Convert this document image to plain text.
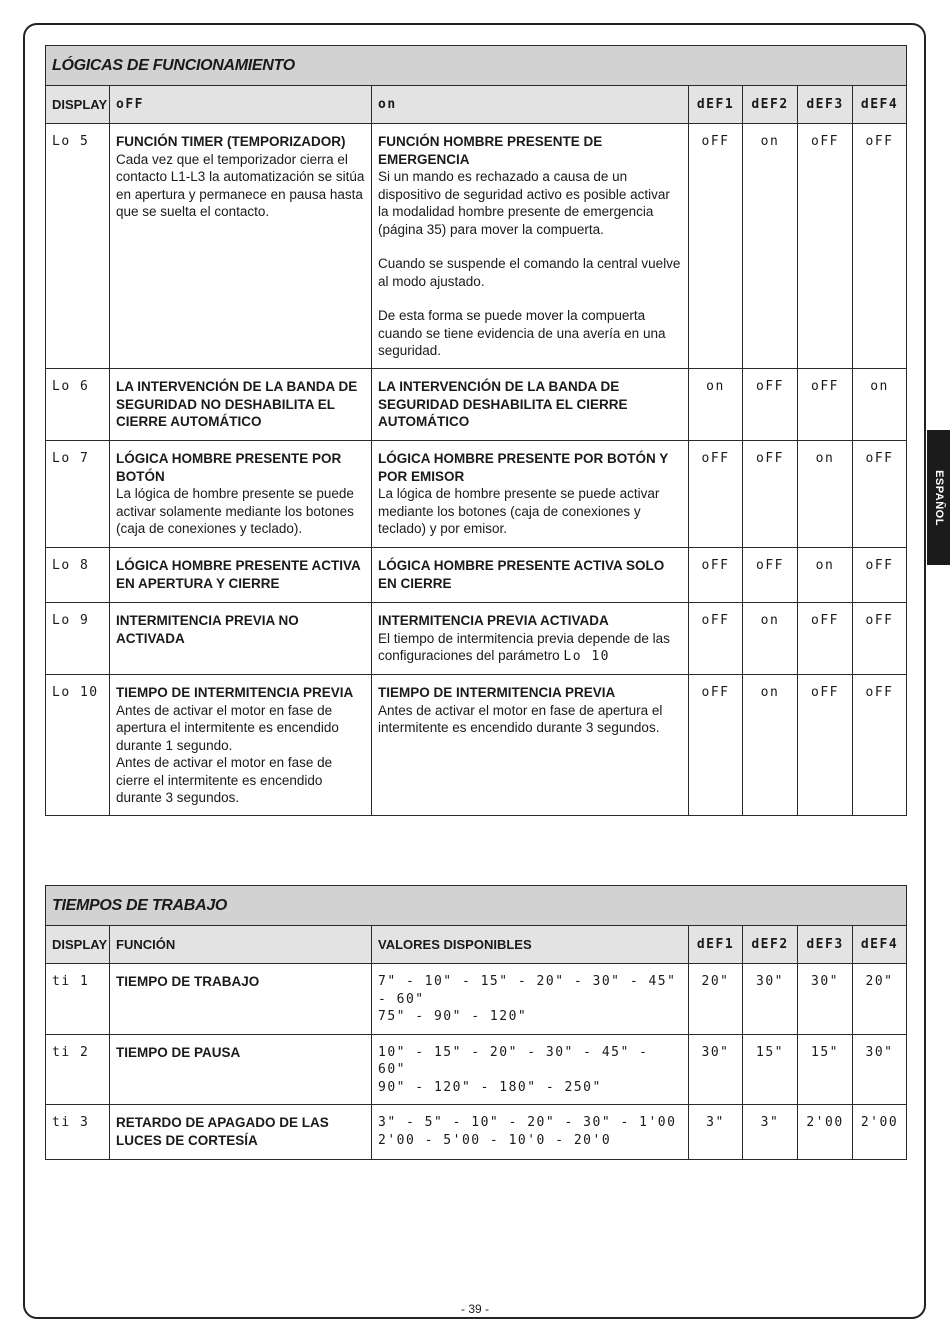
ESPAÑOL
LÓGICAS DE FUNCIONAMIENTO						
DISPLAY	oFF	on	dEF1	dEF2	dEF3	dEF4
Lo 5	FUNCIÓN TIMER (TEMPORIZADOR)
Cada vez que el temporizador cierra el contacto L1-L3 la automatización se sitúa en apertura y permanece en pausa hasta que se suelta el contacto.	FUNCIÓN HOMBRE PRESENTE DE EMERGENCIA
Si un mando es rechazado a causa de un dispositivo de seguridad activo es posible activar la modalidad hombre presente de emergencia (página 35) para mover la compuerta.
Cuando se suspende el comando la central vuelve al modo ajustado.
De esta forma se puede mover la compuerta cuando se tiene evidencia de una avería en una seguridad.	oFF	on	oFF	oFF
Lo 6	LA INTERVENCIÓN DE LA BANDA DE SEGURIDAD NO DESHABILITA EL CIERRE AUTOMÁTICO	LA INTERVENCIÓN DE LA BANDA DE SEGURIDAD DESHABILITA EL CIERRE AUTOMÁTICO	on	oFF	oFF	on
Lo 7	LÓGICA HOMBRE PRESENTE POR BOTÓN
La lógica de hombre presente se puede activar solamente mediante los botones (caja de conexiones y teclado).	LÓGICA HOMBRE PRESENTE POR BOTÓN Y POR EMISOR
La lógica de hombre presente se puede activar mediante los botones (caja de conexiones y teclado) y por emisor.	oFF	oFF	on	oFF
Lo 8	LÓGICA HOMBRE PRESENTE ACTIVA EN APERTURA Y CIERRE	LÓGICA HOMBRE PRESENTE ACTIVA SOLO EN CIERRE	oFF	oFF	on	oFF
Lo 9	INTERMITENCIA PREVIA NO ACTIVADA	INTERMITENCIA PREVIA ACTIVADA
El tiempo de intermitencia previa depende de las configuraciones del parámetro Lo 10	oFF	on	oFF	oFF
Lo 10	TIEMPO DE INTERMITENCIA PREVIA
Antes de activar el motor en fase de apertura el intermitente es encendido durante 1 segundo.
Antes de activar el motor en fase de cierre el intermitente es encendido durante 3 segundos.	TIEMPO DE INTERMITENCIA PREVIA
Antes de activar el motor en fase de apertura el intermitente es encendido durante 3 segundos.	oFF	on	oFF	oFF
TIEMPOS DE TRABAJO						
DISPLAY	FUNCIÓN	VALORES DISPONIBLES	dEF1	dEF2	dEF3	dEF4
ti 1	TIEMPO DE TRABAJO	7" - 10" - 15" - 20" - 30" - 45" - 60"
75" - 90" - 120"	20"	30"	30"	20"
ti 2	TIEMPO DE PAUSA	10" - 15" - 20" - 30" - 45" - 60"
90" - 120" - 180" - 250"	30"	15"	15"	30"
ti 3	RETARDO DE APAGADO DE LAS LUCES DE CORTESÍA	3" - 5" - 10" - 20" - 30" - 1'00
2'00 - 5'00 - 10'0 - 20'0	3"	3"	2'00	2'00
- 39 -
